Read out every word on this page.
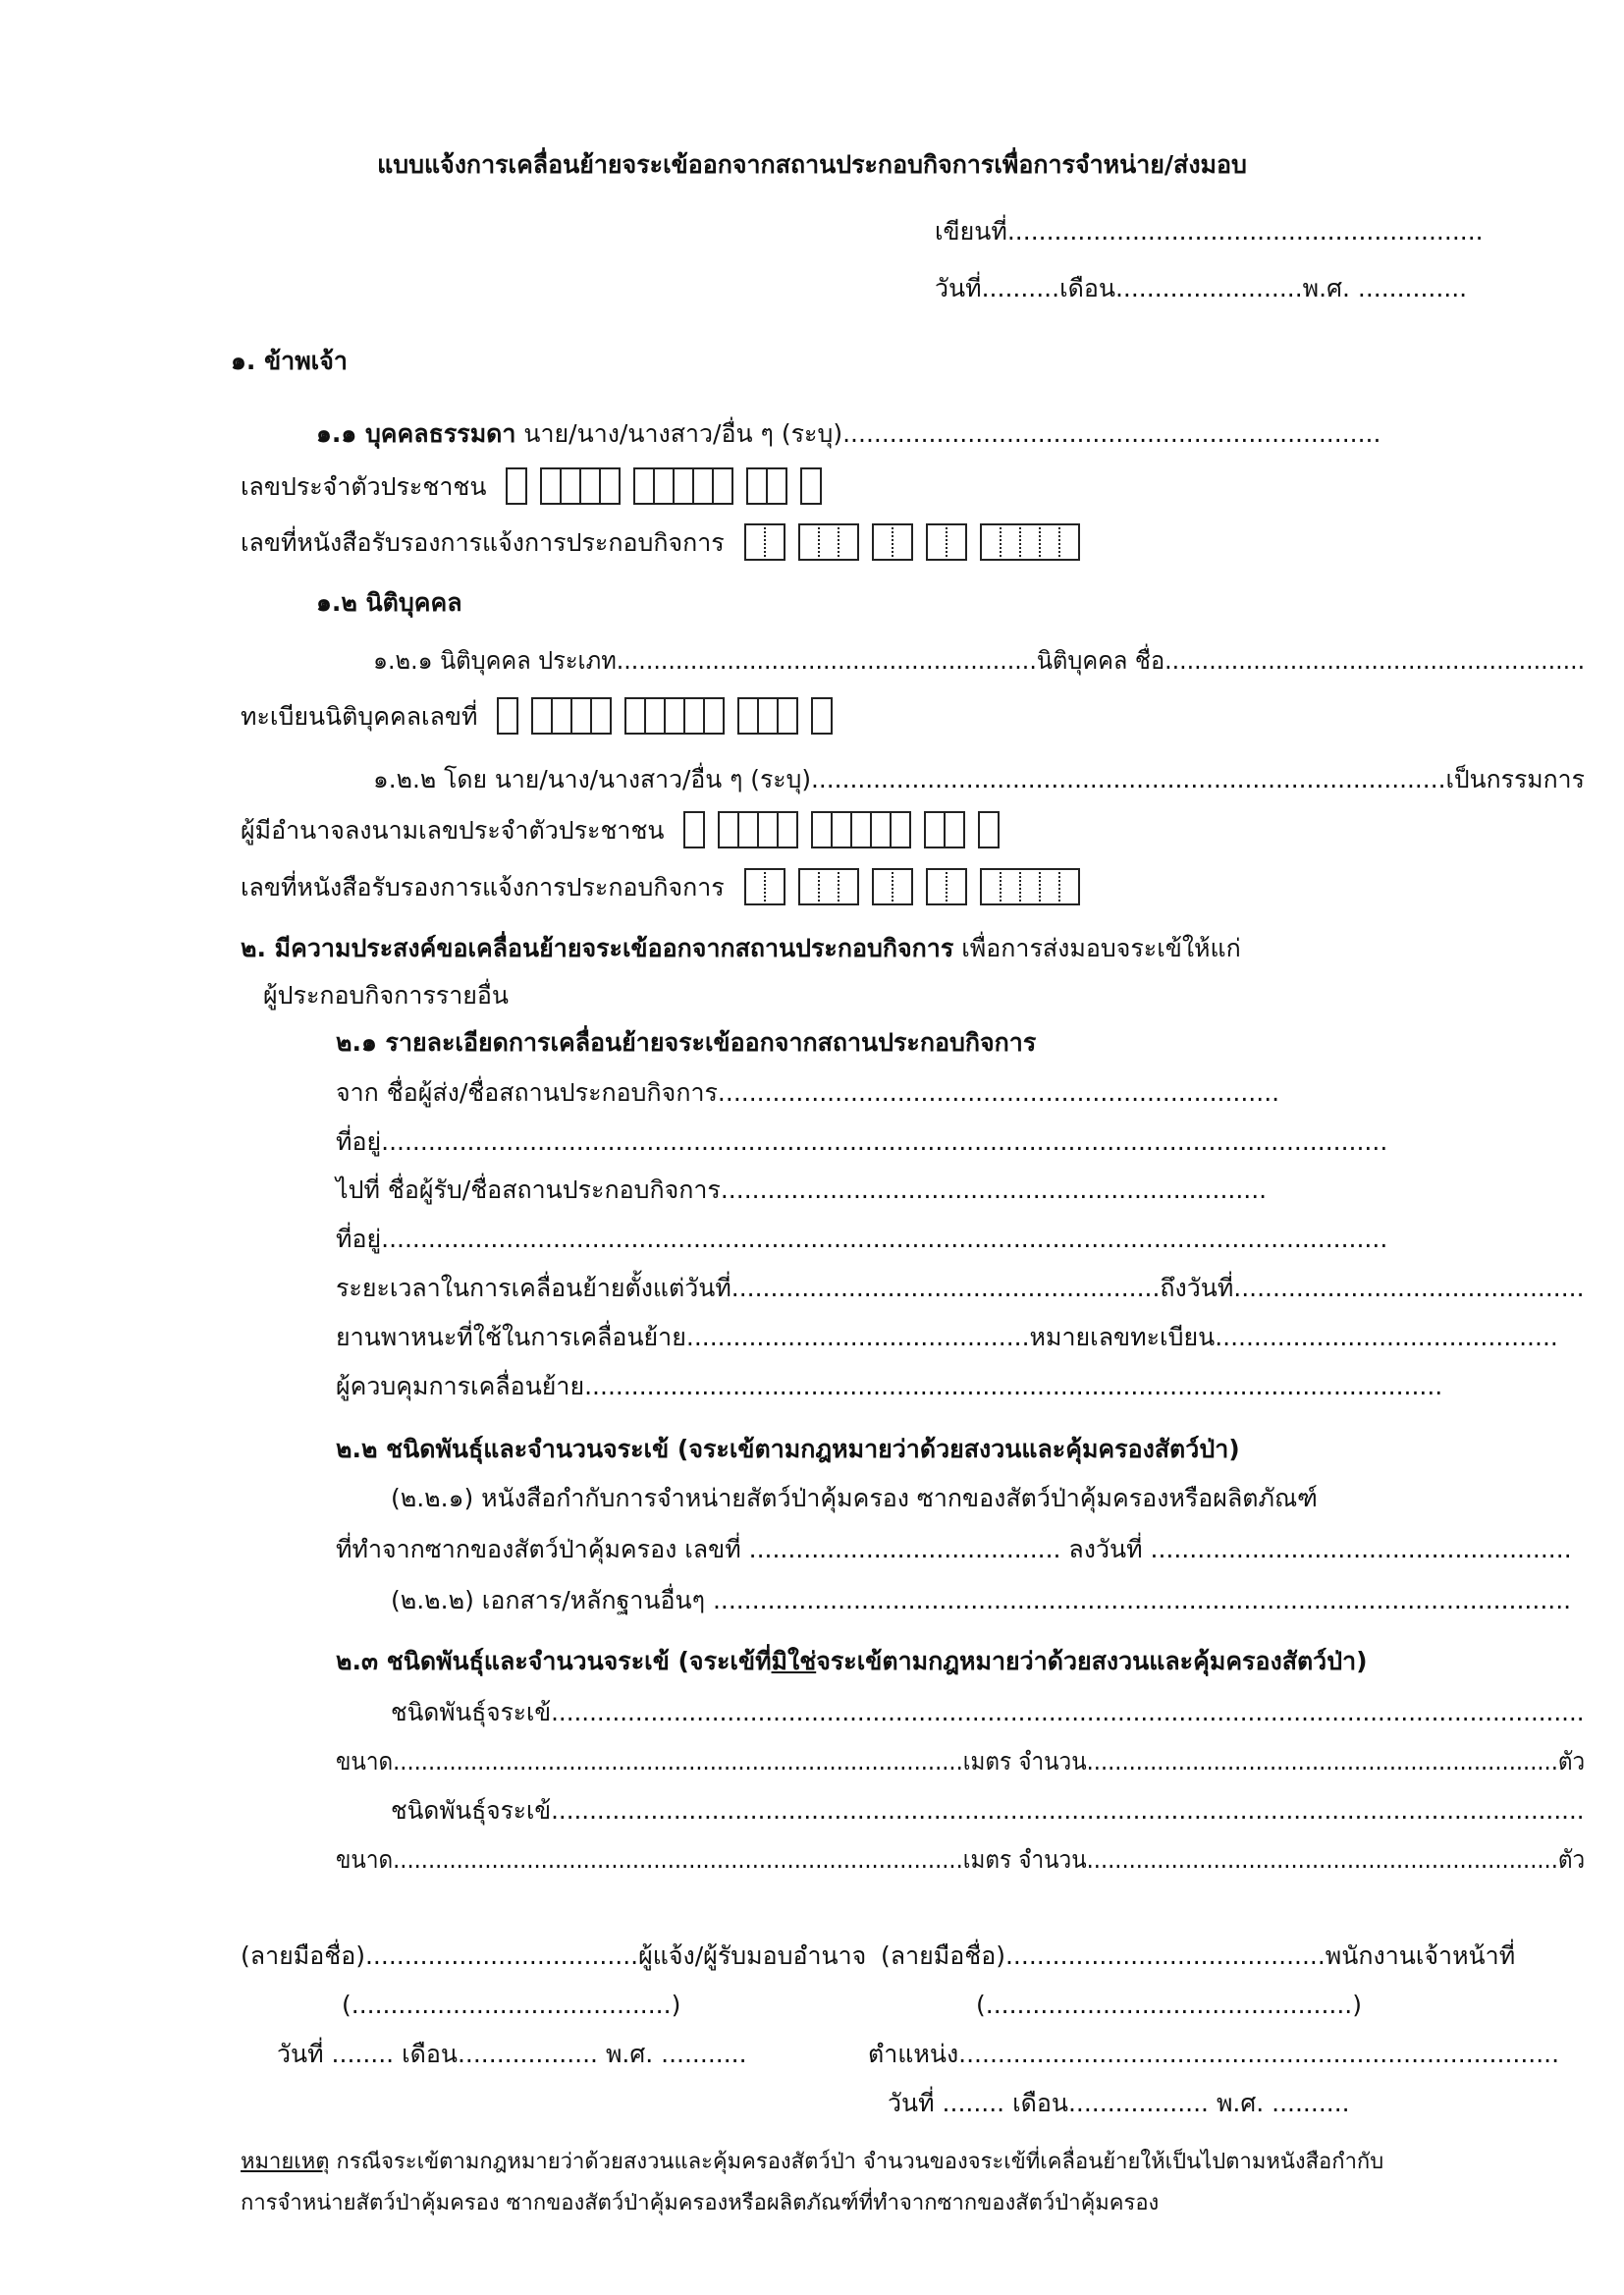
แบบแจ้งการเคลื่อนย้ายจระเข้ออกจากสถานประกอบกิจการเพื่อการจำหน่าย/ส่งมอบ
เขียนที่.............................................................
วันที่..........เดือน........................พ.ศ. ..............
๑. ข้าพเจ้า
๑.๑ บุคคลธรรมดา นาย/นาง/นางสาว/อื่น ๆ (ระบุ).....................................................................
เลขประจำตัวประชาชน
เลขที่หนังสือรับรองการแจ้งการประกอบกิจการ
๑.๒ นิติบุคคล
๑.๒.๑ นิติบุคคล ประเภท.........................................................นิติบุคคล ชื่อ.........................................................
ทะเบียนนิติบุคคลเลขที่
๑.๒.๒ โดย นาย/นาง/นางสาว/อื่น ๆ (ระบุ)..................................................................................เป็นกรรมการ
ผู้มีอำนาจลงนามเลขประจำตัวประชาชน
เลขที่หนังสือรับรองการแจ้งการประกอบกิจการ
๒. มีความประสงค์ขอเคลื่อนย้ายจระเข้ออกจากสถานประกอบกิจการ เพื่อการส่งมอบจระเข้ให้แก่
ผู้ประกอบกิจการรายอื่น
๒.๑ รายละเอียดการเคลื่อนย้ายจระเข้ออกจากสถานประกอบกิจการ
จาก ชื่อผู้ส่ง/ชื่อสถานประกอบกิจการ........................................................................
ที่อยู่.................................................................................................................................
ไปที่ ชื่อผู้รับ/ชื่อสถานประกอบกิจการ......................................................................
ที่อยู่.................................................................................................................................
ระยะเวลาในการเคลื่อนย้ายตั้งแต่วันที่.......................................................ถึงวันที่.............................................
ยานพาหนะที่ใช้ในการเคลื่อนย้าย............................................หมายเลขทะเบียน............................................
ผู้ควบคุมการเคลื่อนย้าย..............................................................................................................
๒.๒ ชนิดพันธุ์และจำนวนจระเข้ (จระเข้ตามกฎหมายว่าด้วยสงวนและคุ้มครองสัตว์ป่า)
(๒.๒.๑) หนังสือกำกับการจำหน่ายสัตว์ป่าคุ้มครอง ซากของสัตว์ป่าคุ้มครองหรือผลิตภัณฑ์
ที่ทำจากซากของสัตว์ป่าคุ้มครอง เลขที่ ........................................ ลงวันที่ ......................................................
(๒.๒.๒) เอกสาร/หลักฐานอื่นๆ ..............................................................................................................
๒.๓ ชนิดพันธุ์และจำนวนจระเข้ (จระเข้ที่มิใช่จระเข้ตามกฎหมายว่าด้วยสงวนและคุ้มครองสัตว์ป่า)
ชนิดพันธุ์จระเข้.......................................................................................................................................
ขนาด.................................................................................เมตร จำนวน...................................................................ตัว
ชนิดพันธุ์จระเข้.......................................................................................................................................
ขนาด.................................................................................เมตร จำนวน...................................................................ตัว
(ลายมือชื่อ)...................................ผู้แจ้ง/ผู้รับมอบอำนาจ
(.........................................)
วันที่ ........ เดือน.................. พ.ศ. ...........
(ลายมือชื่อ).........................................พนักงานเจ้าหน้าที่
(...............................................)
ตำแหน่ง.............................................................................
วันที่ ........ เดือน.................. พ.ศ. ..........
หมายเหตุ กรณีจระเข้ตามกฎหมายว่าด้วยสงวนและคุ้มครองสัตว์ป่า จำนวนของจระเข้ที่เคลื่อนย้ายให้เป็นไปตามหนังสือกำกับ
การจำหน่ายสัตว์ป่าคุ้มครอง ซากของสัตว์ป่าคุ้มครองหรือผลิตภัณฑ์ที่ทำจากซากของสัตว์ป่าคุ้มครอง
